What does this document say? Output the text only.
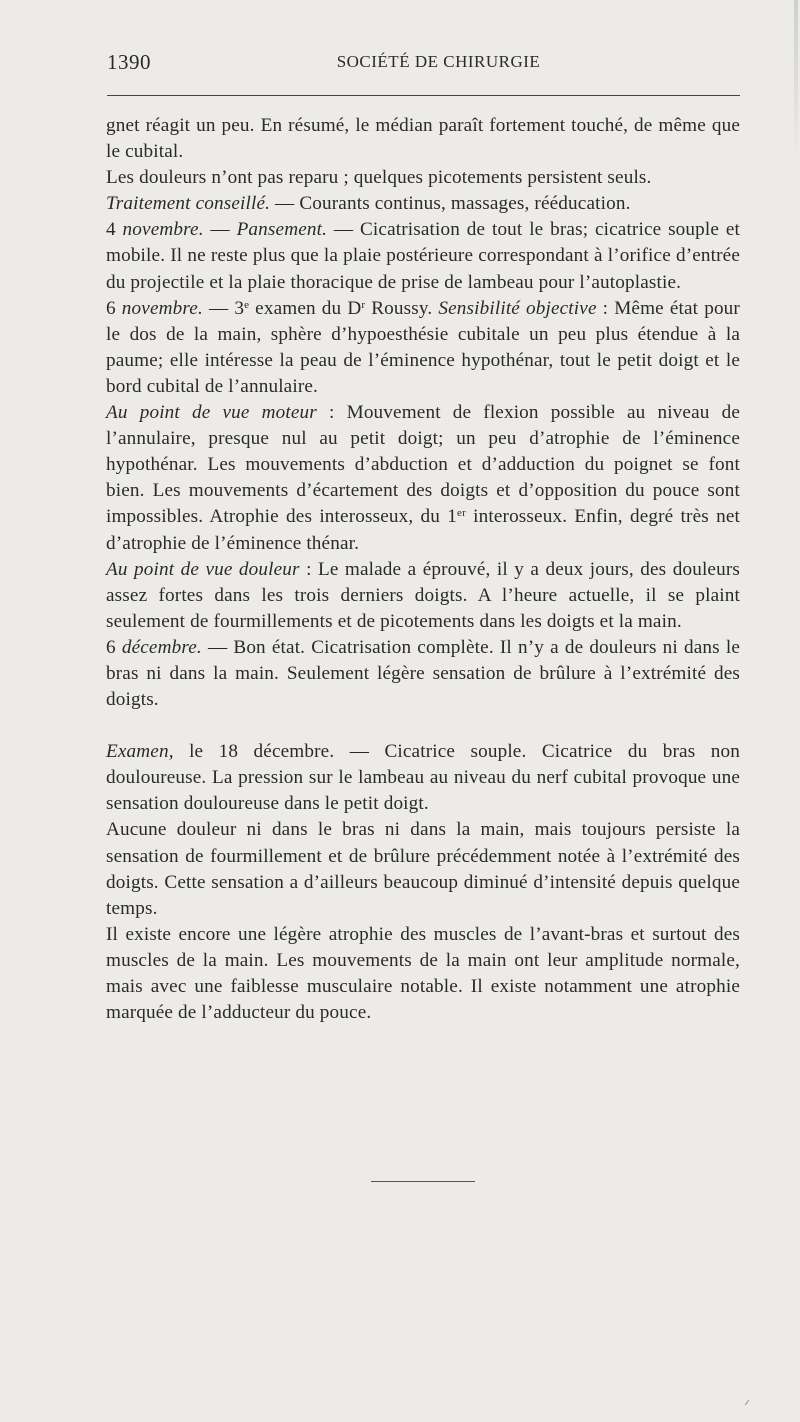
1390	SOCIÉTÉ DE CHIRURGIE

gnet réagit un peu. En résumé, le médian paraît fortement touché, de même que le cubital.

Les douleurs n’ont pas reparu ; quelques picotements persistent seuls.

Traitement conseillé. — Courants continus, massages, rééducation.

4 novembre. — Pansement. — Cicatrisation de tout le bras; cicatrice souple et mobile. Il ne reste plus que la plaie postérieure correspondant à l’orifice d’entrée du projectile et la plaie thoracique de prise de lambeau pour l’autoplastie.

6 novembre. — 3e examen du $D^r$ Roussy. Sensibilité objective : Même état pour le dos de la main, sphère d’hypoesthésie cubitale un peu plus étendue à la paume; elle intéresse la peau de l’éminence hypothénar, tout le petit doigt et le bord cubital de l’annulaire.

Au point de vue moteur : Mouvement de flexion possible au niveau de l’annulaire, presque nul au petit doigt; un peu d’atrophie de l’éminence hypothénar. Les mouvements d’abduction et d’adduction du poignet se font bien. Les mouvements d’écartement des doigts et d’opposition du pouce sont impossibles. Atrophie des interosseux, du 1er interosseux. Enfin, degré très net d’atrophie de l’éminence thénar.

Au point de vue douleur : Le malade a éprouvé, il y a deux jours, des douleurs assez fortes dans les trois derniers doigts. A l’heure actuelle, il se plaint seulement de fourmillements et de picotements dans les doigts et la main.

6 décembre. — Bon état. Cicatrisation complète. Il n’y a de douleurs ni dans le bras ni dans la main. Seulement légère sensation de brûlure à l’extrémité des doigts.

Examen, le 18 décembre. — Cicatrice souple. Cicatrice du bras non douloureuse. La pression sur le lambeau au niveau du nerf cubital provoque une sensation douloureuse dans le petit doigt.

Aucune douleur ni dans le bras ni dans la main, mais toujours persiste la sensation de fourmillement et de brûlure précédemment notée à l’extrémité des doigts. Cette sensation a d’ailleurs beaucoup diminué d’intensité depuis quelque temps.

Il existe encore une légère atrophie des muscles de l’avant-bras et surtout des muscles de la main. Les mouvements de la main ont leur amplitude normale, mais avec une faiblesse musculaire notable. Il existe notamment une atrophie marquée de l’adducteur du pouce.
